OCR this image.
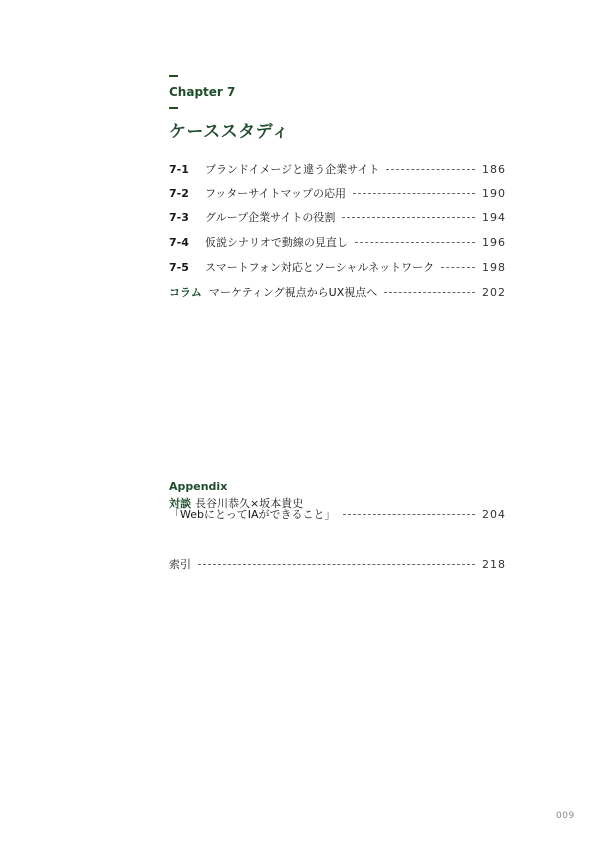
Chapter 7
ケーススタディ
7-1	ブランドイメージと違う企業サイト	186
7-2	フッターサイトマップの応用	190
7-3	グループ企業サイトの役割	194
7-4	仮説シナリオで動線の見直し	196
7-5	スマートフォン対応とソーシャルネットワーク	198
コラム マーケティング視点からUX視点へ	202
Appendix
対談 長谷川恭久×坂本貴史
「WebにとってIAができること」	204
索引	218
009
